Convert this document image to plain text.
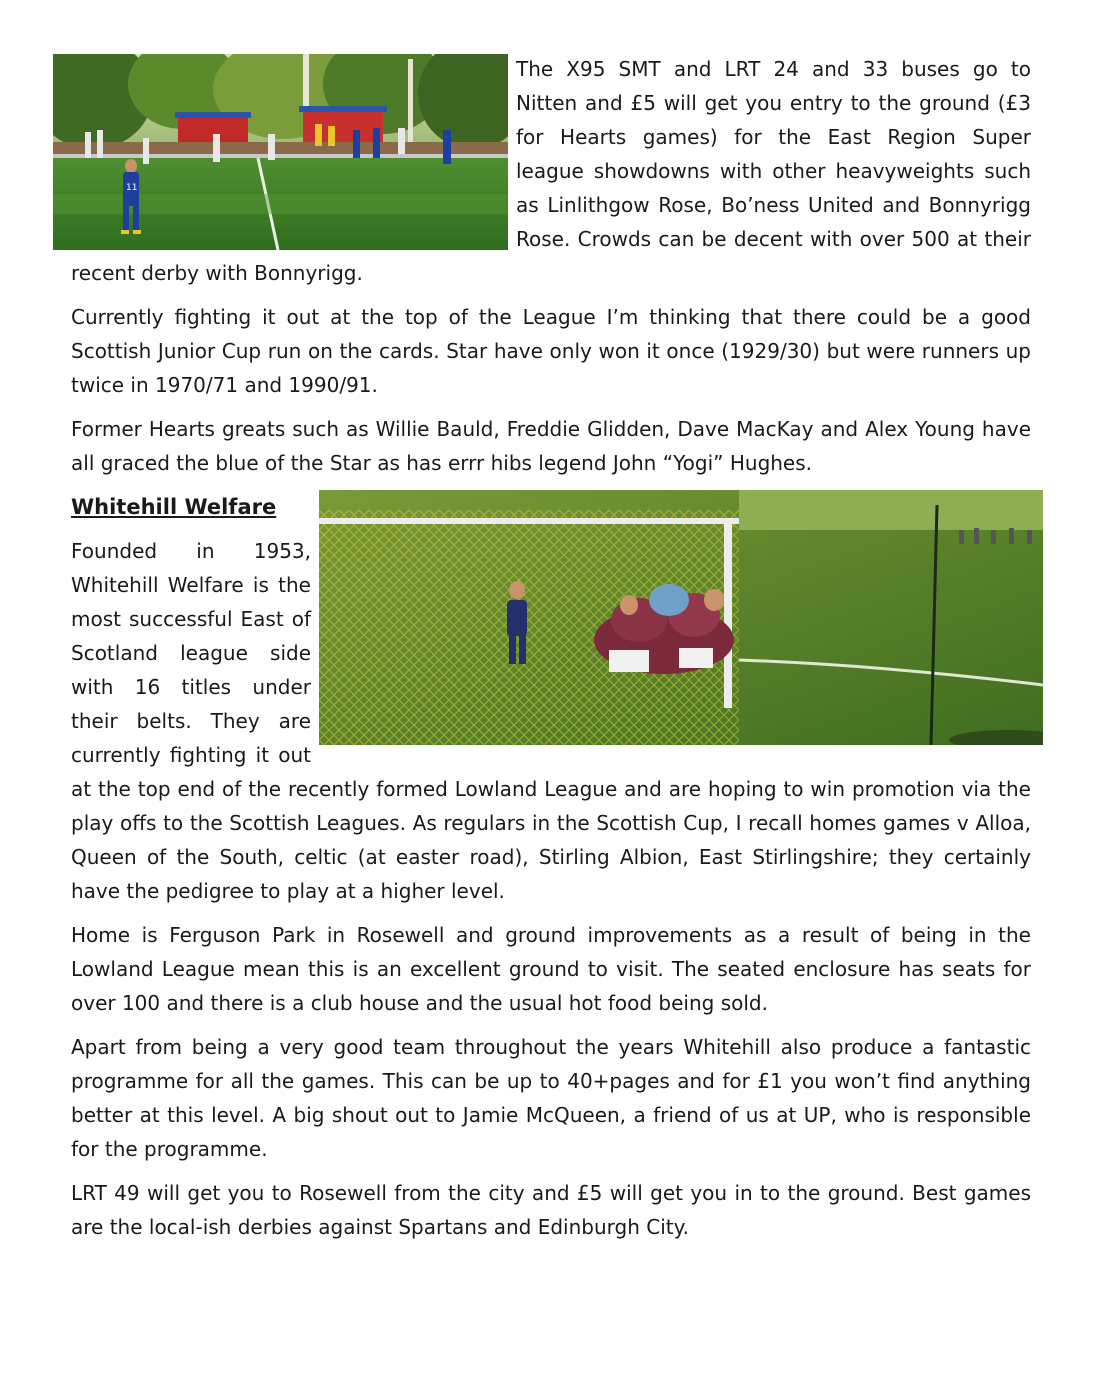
11

The X95 SMT and LRT 24 and 33 buses go to Nitten and £5 will get you entry to the ground (£3 for Hearts games) for the East Region Super league showdowns with other heavyweights such as Linlithgow Rose, Bo’ness United and Bonnyrigg Rose. Crowds can be decent with over 500 at their recent derby with Bonnyrigg.

Currently fighting it out at the top of the League I’m thinking that there could be a good Scottish Junior Cup run on the cards. Star have only won it once (1929/30) but were runners up twice in 1970/71 and 1990/91.

Former Hearts greats such as Willie Bauld, Freddie Glidden, Dave MacKay and Alex Young have all graced the blue of the Star as has errr hibs legend John “Yogi” Hughes.

Whitehill Welfare

Founded in 1953, Whitehill Welfare is the most successful East of Scotland league side with 16 titles under their belts. They are currently fighting it out at the top end of the recently formed Lowland League and are hoping to win promotion via the play offs to the Scottish Leagues. As regulars in the Scottish Cup, I recall homes games v Alloa, Queen of the South, celtic (at easter road), Stirling Albion, East Stirlingshire; they certainly have the pedigree to play at a higher level.

Home is Ferguson Park in Rosewell and ground improvements as a result of being in the Lowland League mean this is an excellent ground to visit. The seated enclosure has seats for over 100 and there is a club house and the usual hot food being sold.

Apart from being a very good team throughout the years Whitehill also produce a fantastic programme for all the games. This can be up to 40+pages and for £1 you won’t find anything better at this level. A big shout out to Jamie McQueen, a friend of us at UP, who is responsible for the programme.

LRT 49 will get you to Rosewell from the city and £5 will get you in to the ground. Best games are the local-ish derbies against Spartans and Edinburgh City.
